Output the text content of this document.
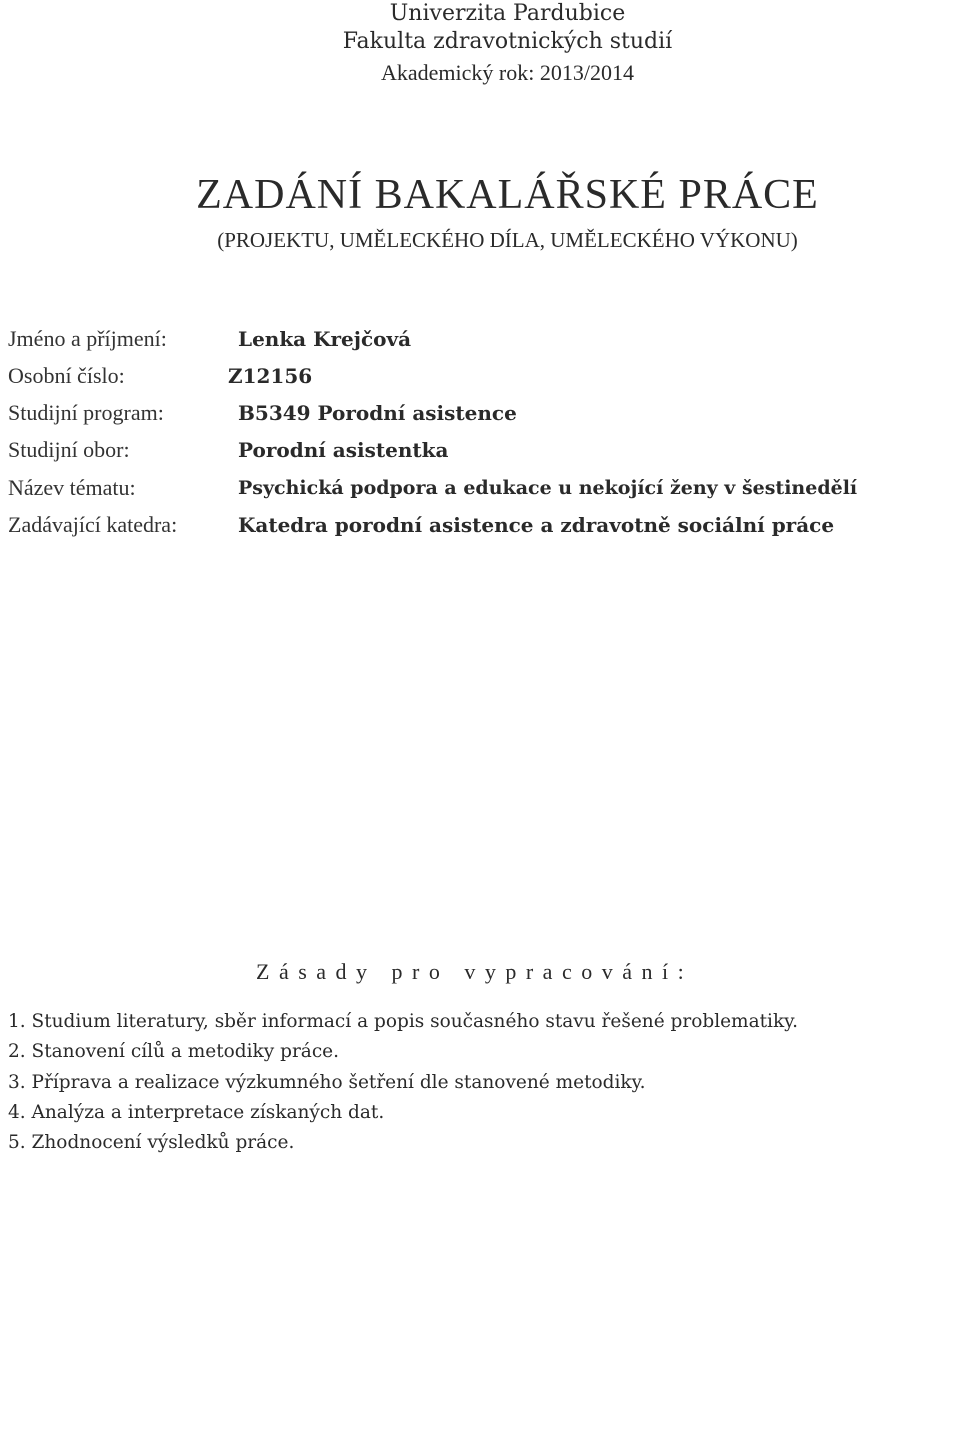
Univerzita Pardubice
Fakulta zdravotnických studií
Akademický rok: 2013/2014
ZADÁNÍ BAKALÁŘSKÉ PRÁCE
(PROJEKTU, UMĚLECKÉHO DÍLA, UMĚLECKÉHO VÝKONU)
Jméno a příjmení:	Lenka Krejčová
Osobní číslo:	Z12156
Studijní program:	B5349 Porodní asistence
Studijní obor:	Porodní asistentka
Název tématu:	Psychická podpora a edukace u nekojící ženy v šestinedělí
Zadávající katedra:	Katedra porodní asistence a zdravotně sociální práce
Zásady pro vypracování:
1. Studium literatury, sběr informací a popis současného stavu řešené problematiky.
2. Stanovení cílů a metodiky práce.
3. Příprava a realizace výzkumného šetření dle stanovené metodiky.
4. Analýza a interpretace získaných dat.
5. Zhodnocení výsledků práce.
